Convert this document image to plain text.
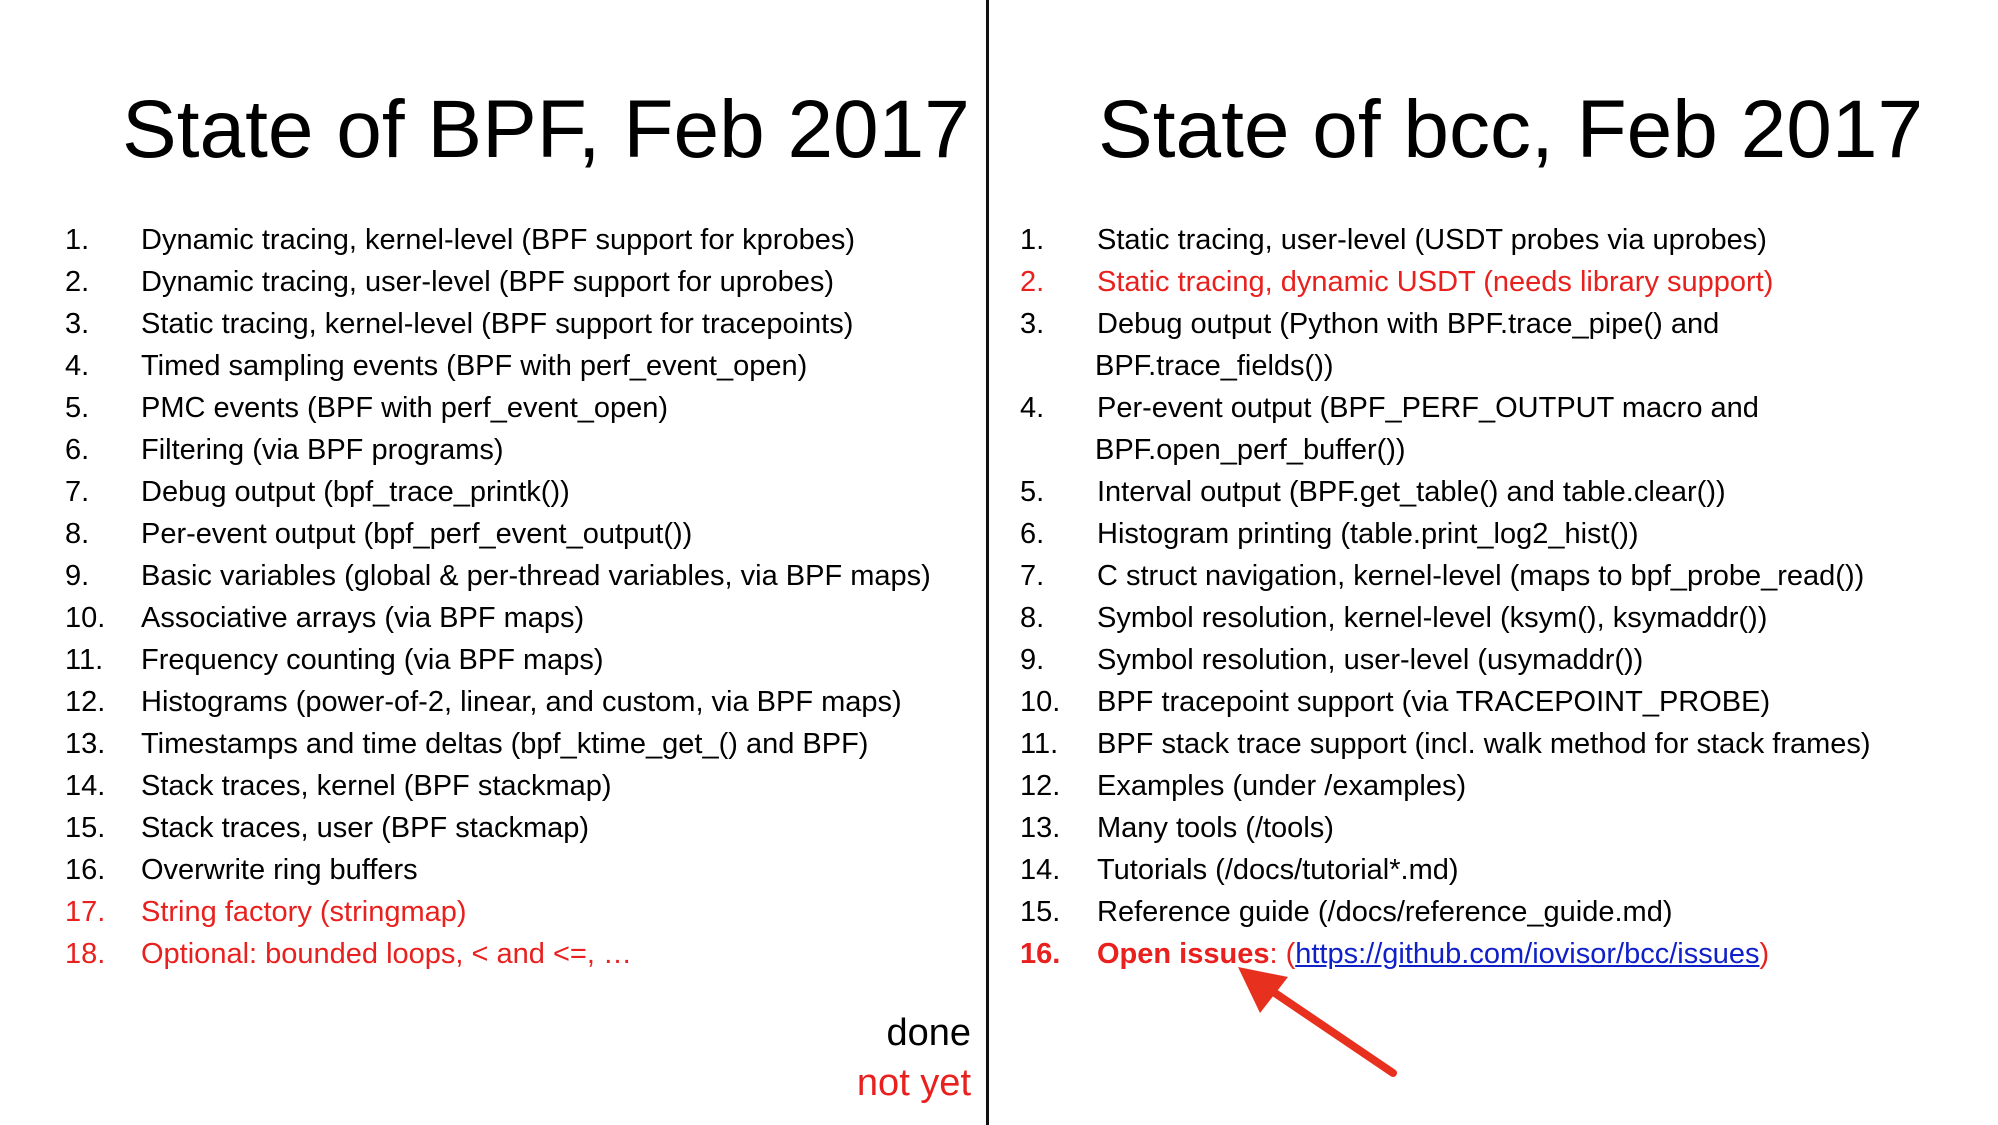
State of BPF, Feb 2017 State of bcc, Feb 2017
1. Dynamic tracing, kernel-level (BPF support for kprobes)
2. Dynamic tracing, user-level (BPF support for uprobes)
3. Static tracing, kernel-level (BPF support for tracepoints)
4. Timed sampling events (BPF with perf_event_open)
5. PMC events (BPF with perf_event_open)
6. Filtering (via BPF programs)
7. Debug output (bpf_trace_printk())
8. Per-event output (bpf_perf_event_output())
9. Basic variables (global & per-thread variables, via BPF maps)
10. Associative arrays (via BPF maps)
11. Frequency counting (via BPF maps)
12. Histograms (power-of-2, linear, and custom, via BPF maps)
13. Timestamps and time deltas (bpf_ktime_get_() and BPF)
14. Stack traces, kernel (BPF stackmap)
15. Stack traces, user (BPF stackmap)
16. Overwrite ring buffers
17. String factory (stringmap)
18. Optional: bounded loops, < and <=, …
1. Static tracing, user-level (USDT probes via uprobes)
2. Static tracing, dynamic USDT (needs library support)
3. Debug output (Python with BPF.trace_pipe() and
BPF.trace_fields())
4. Per-event output (BPF_PERF_OUTPUT macro and
BPF.open_perf_buffer())
5. Interval output (BPF.get_table() and table.clear())
6. Histogram printing (table.print_log2_hist())
7. C struct navigation, kernel-level (maps to bpf_probe_read())
8. Symbol resolution, kernel-level (ksym(), ksymaddr())
9. Symbol resolution, user-level (usymaddr())
10. BPF tracepoint support (via TRACEPOINT_PROBE)
11. BPF stack trace support (incl. walk method for stack frames)
12. Examples (under /examples)
13. Many tools (/tools)
14. Tutorials (/docs/tutorial*.md)
15. Reference guide (/docs/reference_guide.md)
16. Open issues: (https://github.com/iovisor/bcc/issues)
done
not yet
